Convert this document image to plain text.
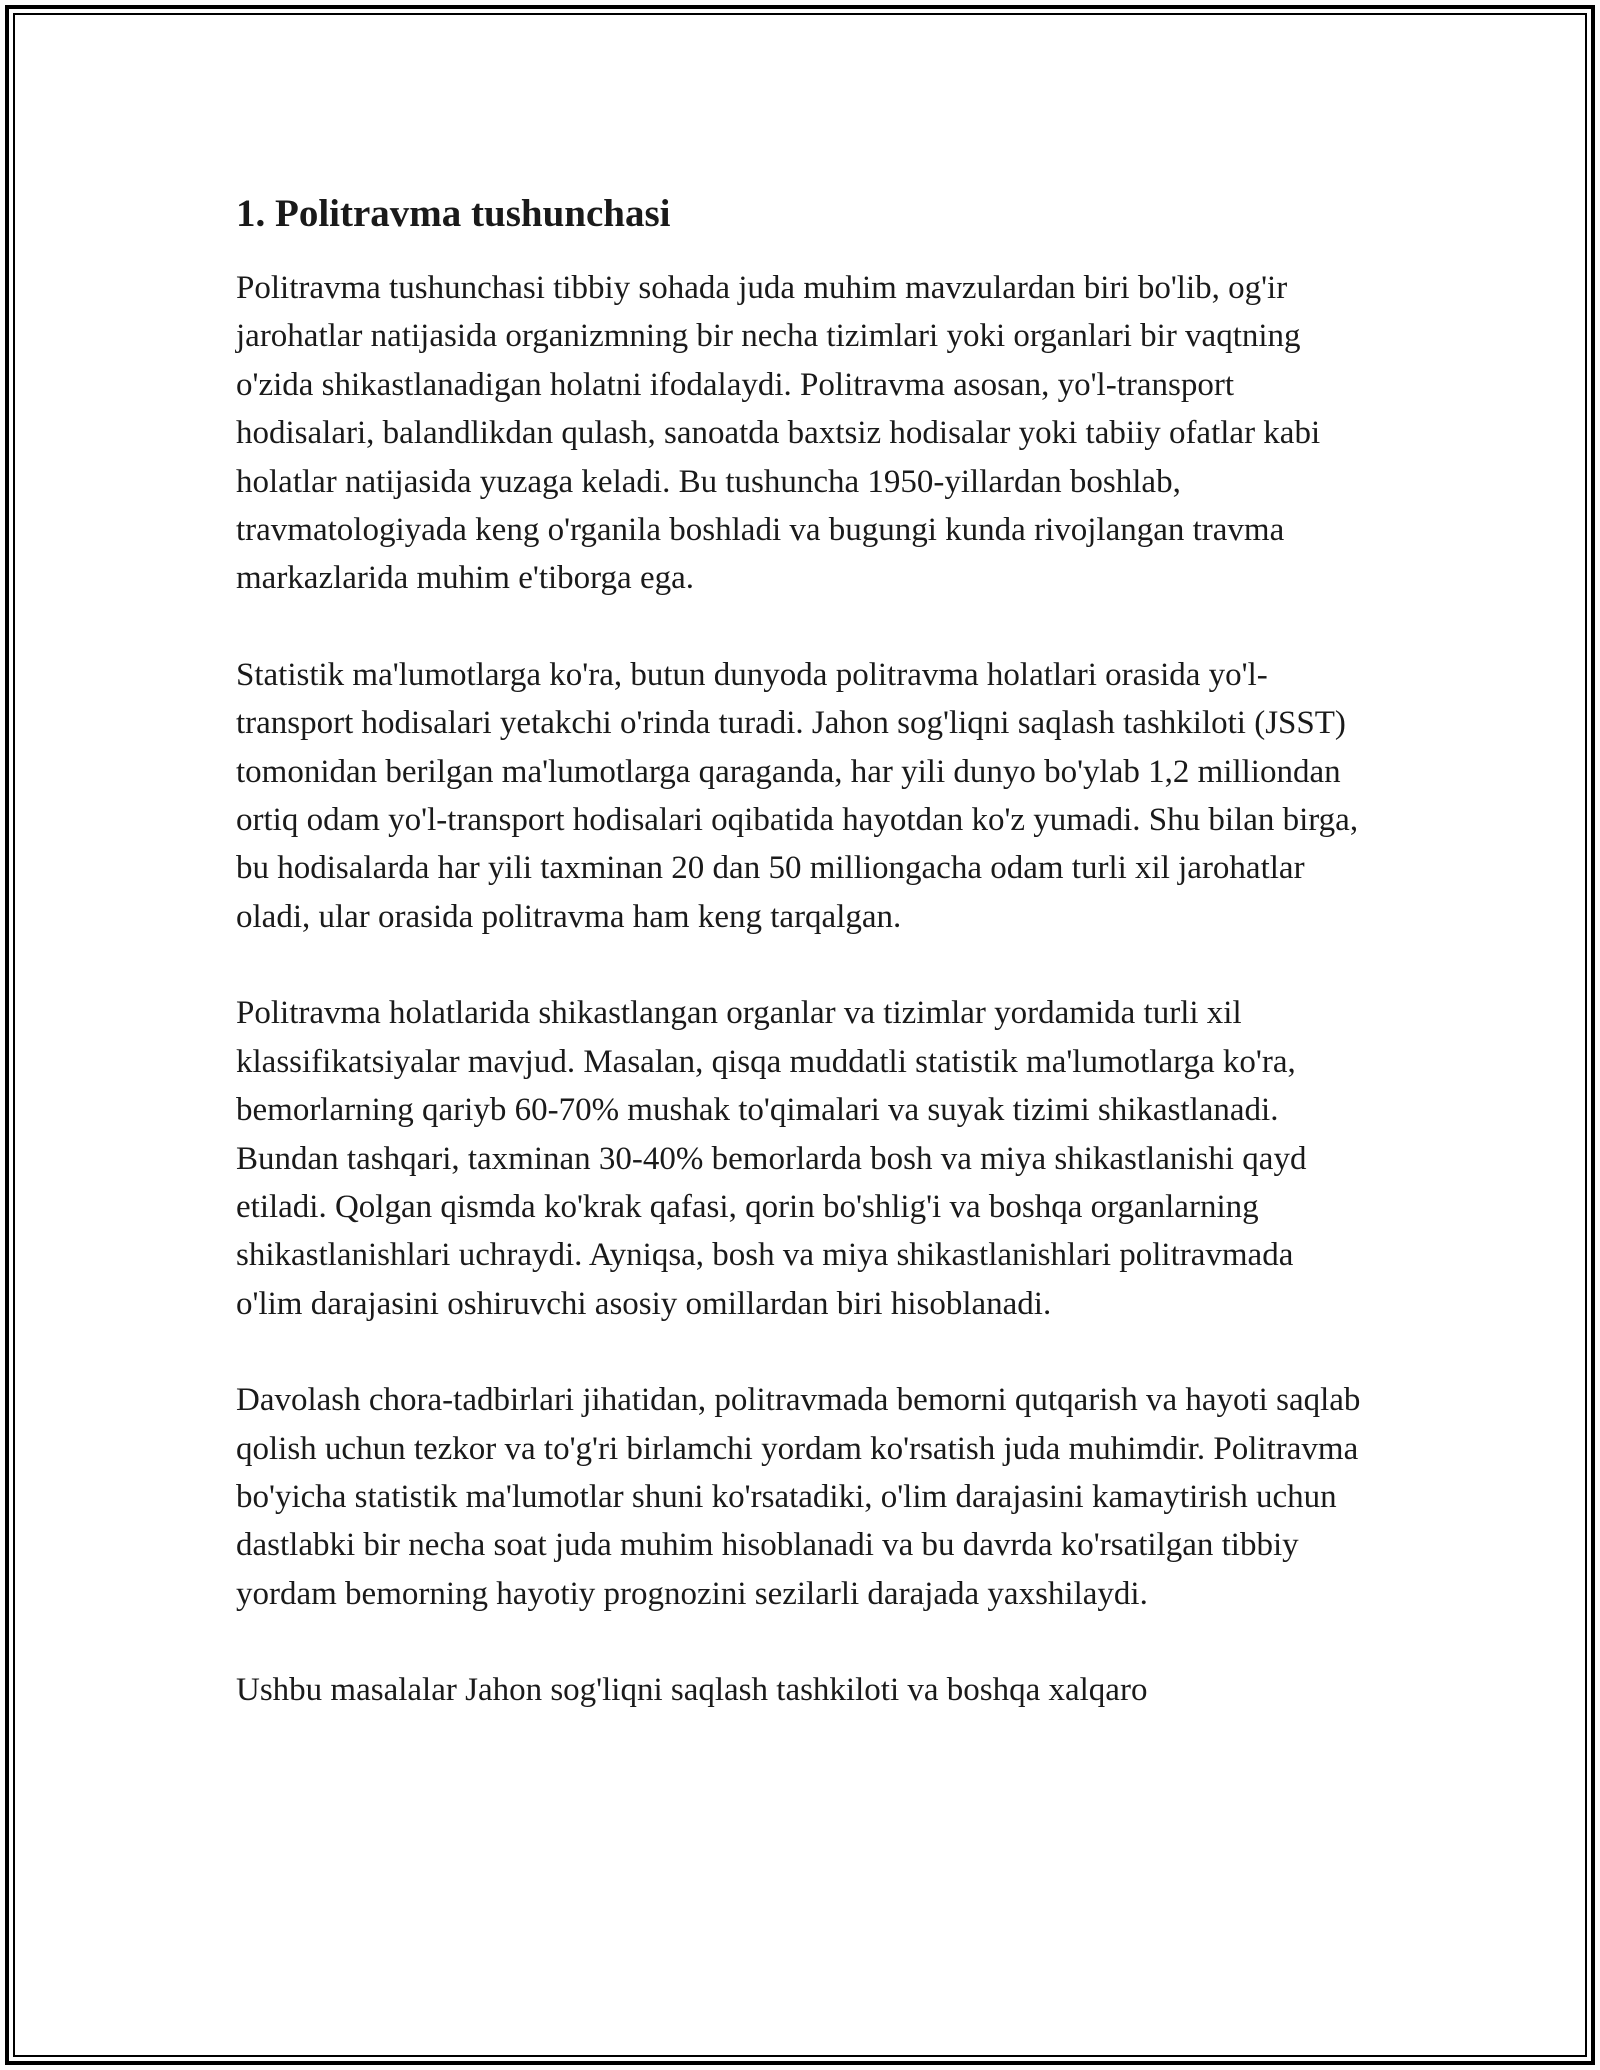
1. Politravma tushunchasi

Politravma tushunchasi tibbiy sohada juda muhim mavzulardan biri bo'lib, og'ir jarohatlar natijasida organizmning bir necha tizimlari yoki organlari bir vaqtning o'zida shikastlanadigan holatni ifodalaydi. Politravma asosan, yo'l-transport hodisalari, balandlikdan qulash, sanoatda baxtsiz hodisalar yoki tabiiy ofatlar kabi holatlar natijasida yuzaga keladi. Bu tushuncha 1950-yillardan boshlab, travmatologiyada keng o'rganila boshladi va bugungi kunda rivojlangan travma markazlarida muhim e'tiborga ega.

Statistik ma'lumotlarga ko'ra, butun dunyoda politravma holatlari orasida yo'l-transport hodisalari yetakchi o'rinda turadi. Jahon sog'liqni saqlash tashkiloti (JSST) tomonidan berilgan ma'lumotlarga qaraganda, har yili dunyo bo'ylab 1,2 milliondan ortiq odam yo'l-transport hodisalari oqibatida hayotdan ko'z yumadi. Shu bilan birga, bu hodisalarda har yili taxminan 20 dan 50 milliongacha odam turli xil jarohatlar oladi, ular orasida politravma ham keng tarqalgan.

Politravma holatlarida shikastlangan organlar va tizimlar yordamida turli xil klassifikatsiyalar mavjud. Masalan, qisqa muddatli statistik ma'lumotlarga ko'ra, bemorlarning qariyb 60-70% mushak to'qimalari va suyak tizimi shikastlanadi. Bundan tashqari, taxminan 30-40% bemorlarda bosh va miya shikastlanishi qayd etiladi. Qolgan qismda ko'krak qafasi, qorin bo'shlig'i va boshqa organlarning shikastlanishlari uchraydi. Ayniqsa, bosh va miya shikastlanishlari politravmada o'lim darajasini oshiruvchi asosiy omillardan biri hisoblanadi.

Davolash chora-tadbirlari jihatidan, politravmada bemorni qutqarish va hayoti saqlab qolish uchun tezkor va to'g'ri birlamchi yordam ko'rsatish juda muhimdir. Politravma bo'yicha statistik ma'lumotlar shuni ko'rsatadiki, o'lim darajasini kamaytirish uchun dastlabki bir necha soat juda muhim hisoblanadi va bu davrda ko'rsatilgan tibbiy yordam bemorning hayotiy prognozini sezilarli darajada yaxshilaydi.

Ushbu masalalar Jahon sog'liqni saqlash tashkiloti va boshqa xalqaro
